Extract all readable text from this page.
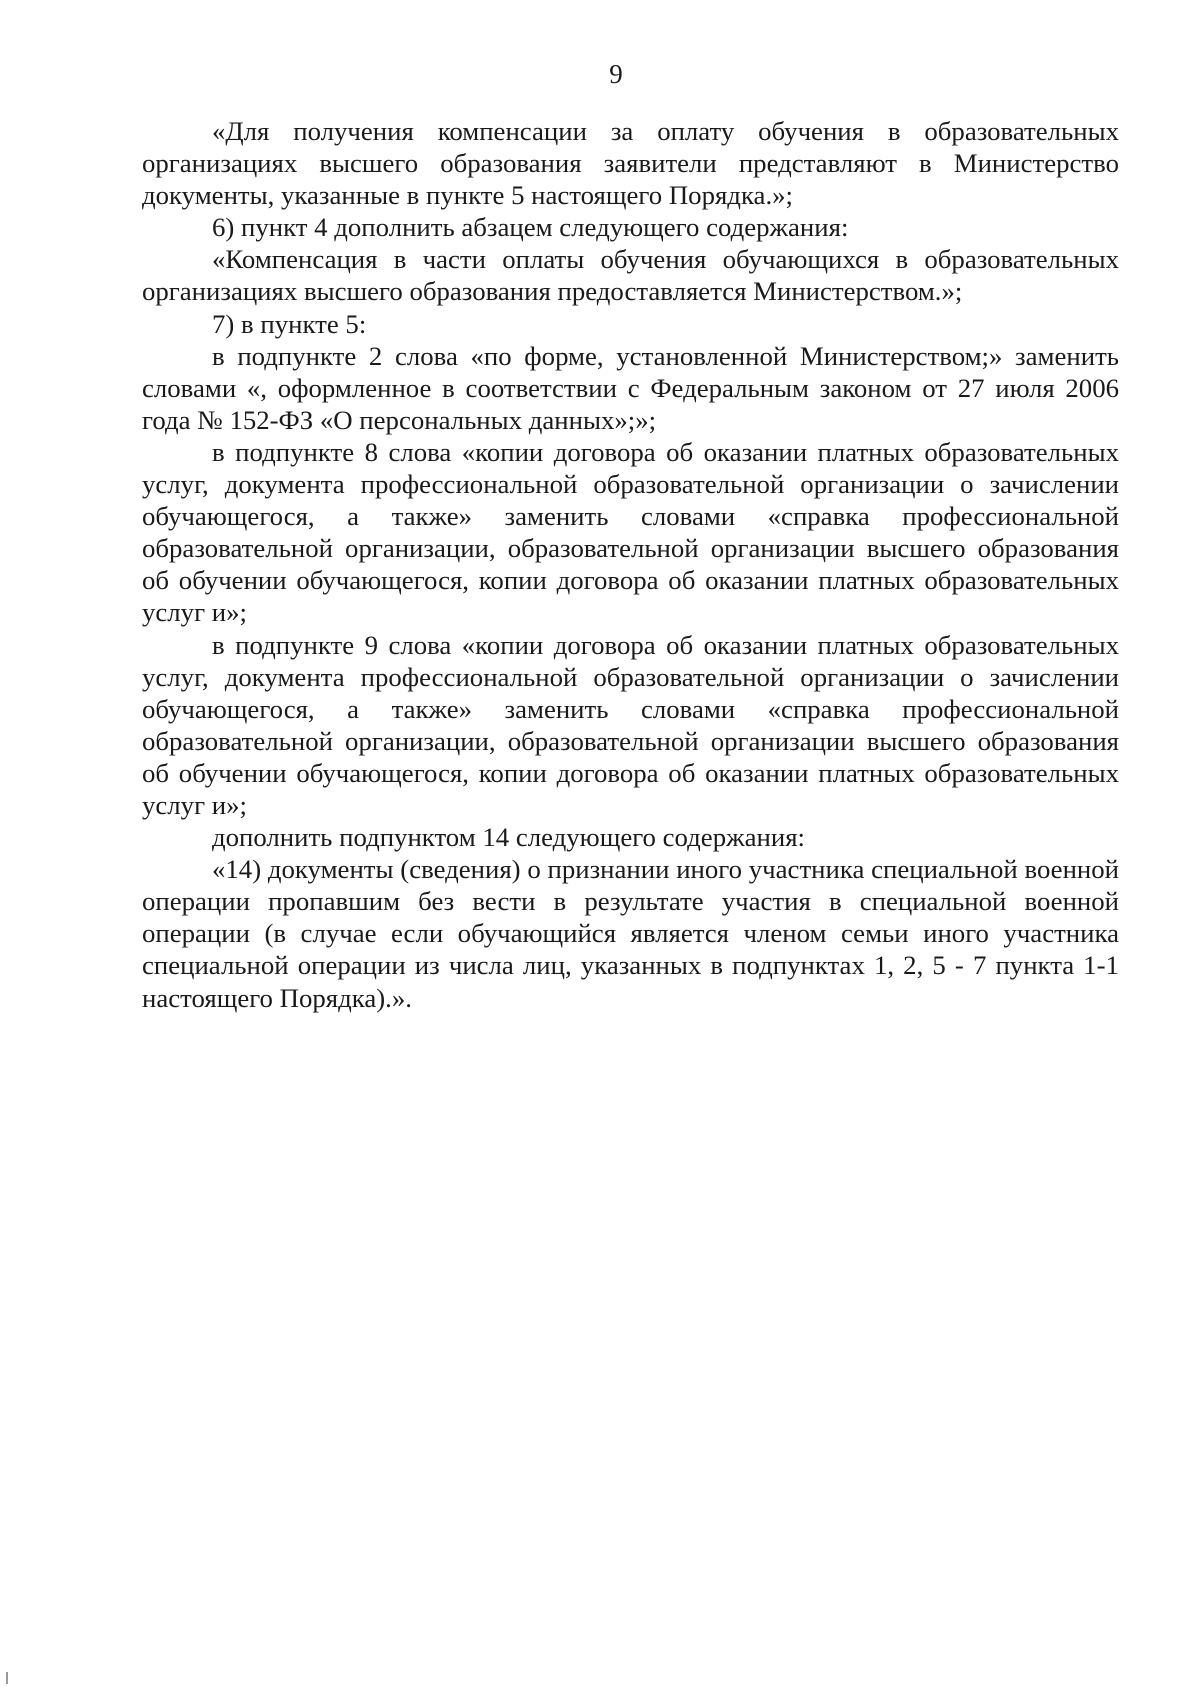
9

«Для получения компенсации за оплату обучения в образовательных организациях высшего образования заявители представляют в Министерство документы, указанные в пункте 5 настоящего Порядка.»;

6) пункт 4 дополнить абзацем следующего содержания:

«Компенсация в части оплаты обучения обучающихся в образовательных организациях высшего образования предоставляется Министерством.»;

7) в пункте 5:

в подпункте 2 слова «по форме, установленной Министерством;» заменить словами «, оформленное в соответствии с Федеральным законом от 27 июля 2006 года № 152-ФЗ «О персональных данных»;»;

в подпункте 8 слова «копии договора об оказании платных образовательных услуг, документа профессиональной образовательной организации о зачислении обучающегося, а также» заменить словами «справка профессиональной образовательной организации, образовательной организации высшего образования об обучении обучающегося, копии договора об оказании платных образовательных услуг и»;

в подпункте 9 слова «копии договора об оказании платных образовательных услуг, документа профессиональной образовательной организации о зачислении обучающегося, а также» заменить словами «справка профессиональной образовательной организации, образовательной организации высшего образования об обучении обучающегося, копии договора об оказании платных образовательных услуг и»;

дополнить подпунктом 14 следующего содержания:

«14) документы (сведения) о признании иного участника специальной военной операции пропавшим без вести в результате участия в специальной военной операции (в случае если обучающийся является членом семьи иного участника специальной операции из числа лиц, указанных в подпунктах 1, 2, 5 - 7 пункта 1-1 настоящего Порядка).».
